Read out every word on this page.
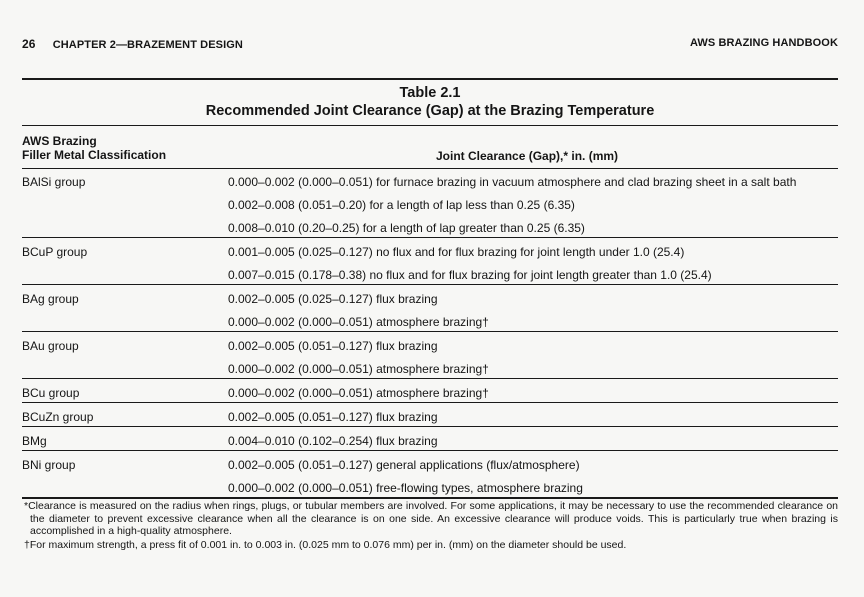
26 CHAPTER 2—BRAZEMENT DESIGN	AWS BRAZING HANDBOOK
Table 2.1
Recommended Joint Clearance (Gap) at the Brazing Temperature
AWS Brazing
Filler Metal Classification	Joint Clearance (Gap),* in. (mm)
BAlSi group	0.000–0.002 (0.000–0.051) for furnace brazing in vacuum atmosphere and clad brazing sheet in a salt bath
0.002–0.008 (0.051–0.20) for a length of lap less than 0.25 (6.35)
0.008–0.010 (0.20–0.25) for a length of lap greater than 0.25 (6.35)
BCuP group	0.001–0.005 (0.025–0.127) no flux and for flux brazing for joint length under 1.0 (25.4)
0.007–0.015 (0.178–0.38) no flux and for flux brazing for joint length greater than 1.0 (25.4)
BAg group	0.002–0.005 (0.025–0.127) flux brazing
0.000–0.002 (0.000–0.051) atmosphere brazing†
BAu group	0.002–0.005 (0.051–0.127) flux brazing
0.000–0.002 (0.000–0.051) atmosphere brazing†
BCu group	0.000–0.002 (0.000–0.051) atmosphere brazing†
BCuZn group	0.002–0.005 (0.051–0.127) flux brazing
BMg	0.004–0.010 (0.102–0.254) flux brazing
BNi group	0.002–0.005 (0.051–0.127) general applications (flux/atmosphere)
0.000–0.002 (0.000–0.051) free-flowing types, atmosphere brazing

*Clearance is measured on the radius when rings, plugs, or tubular members are involved. For some applications, it may be necessary to use the recommended clearance on the diameter to prevent excessive clearance when all the clearance is on one side. An excessive clearance will produce voids. This is particularly true when brazing is accomplished in a high-quality atmosphere.

†For maximum strength, a press fit of 0.001 in. to 0.003 in. (0.025 mm to 0.076 mm) per in. (mm) on the diameter should be used.
